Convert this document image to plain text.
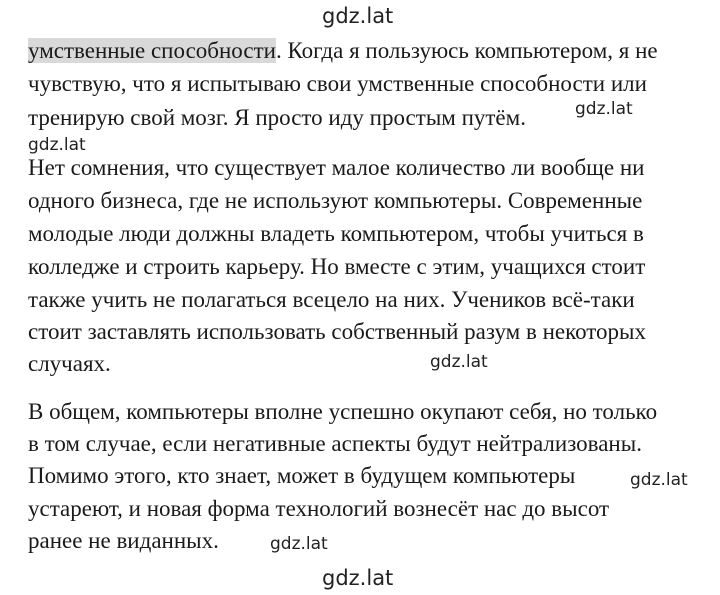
gdz.lat
умственные способности. Когда я пользуюсь компьютером, я не
чувствую, что я испытываю свои умственные способности или
тренирую свой мозг. Я просто иду простым путём.	gdz.lat
gdz.lat
Нет сомнения, что существует малое количество ли вообще ни
одного бизнеса, где не используют компьютеры. Современные
молодые люди должны владеть компьютером, чтобы учиться в
колледже и строить карьеру. Но вместе с этим, учащихся стоит
также учить не полагаться всецело на них. Учеников всё-таки
стоит заставлять использовать собственный разум в некоторых
случаях.	gdz.lat
В общем, компьютеры вполне успешно окупают себя, но только
в том случае, если негативные аспекты будут нейтрализованы.
Помимо этого, кто знает, может в будущем компьютеры
устареют, и новая форма технологий вознесёт нас до высот
ранее не виданных.
gdz.lat
gdz.lat
gdz.lat
